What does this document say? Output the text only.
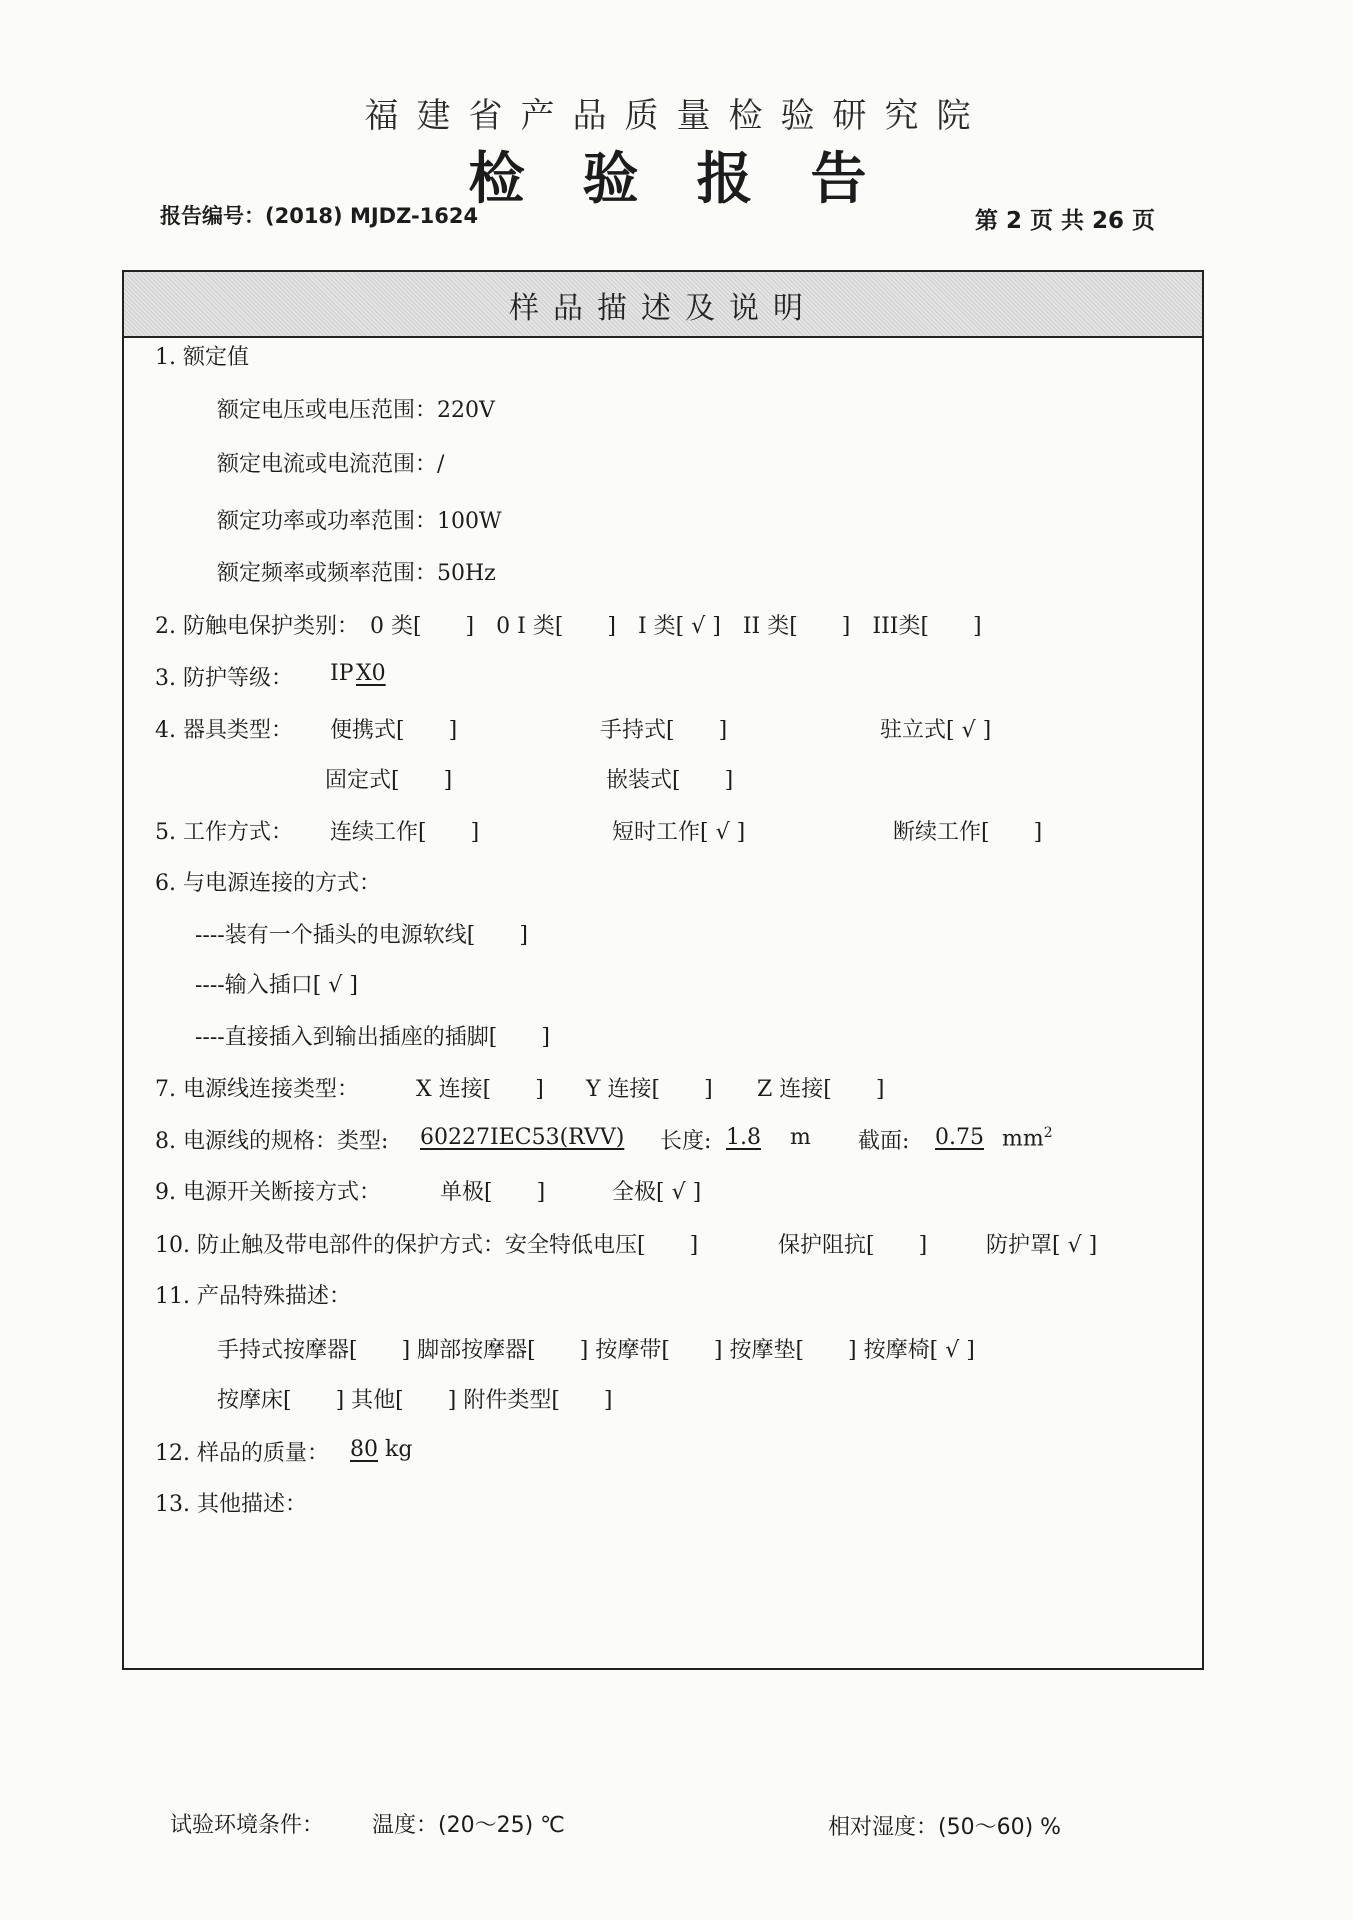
福建省产品质量检验研究院
检验报告
报告编号：(2018) MJDZ-1624	第 2 页 共 26 页
样品描述及说明
1. 额定值
额定电压或电压范围：220V
额定电流或电流范围：/
额定功率或功率范围：100W
额定频率或频率范围：50Hz
2. 防触电保护类别：　0 类[　　]　0 I 类[　　]　I 类[ √ ]　II 类[　　]　III类[　　]
3. 防护等级： IP X0
4. 器具类型： 便携式[　　]	手持式[　　]	驻立式[ √ ]
固定式[　　]	嵌装式[　　]
5. 工作方式： 连续工作[　　]	短时工作[ √ ]	断续工作[　　]
6. 与电源连接的方式：
----装有一个插头的电源软线[　　]
----输入插口[ √ ]
----直接插入到输出插座的插脚[　　]
7. 电源线连接类型：	X 连接[　　] Y 连接[　　] Z 连接[　　]
8. 电源线的规格：类型: 60227IEC53(RVV) 长度: 1.8 m 截面: 0.75 $mm^2$
9. 电源开关断接方式：	单极[　　]	全极[ √ ]
10. 防止触及带电部件的保护方式：安全特低电压[　　]	保护阻抗[　　]	防护罩[ √ ]
11. 产品特殊描述：
手持式按摩器[　　] 脚部按摩器[　　] 按摩带[　　] 按摩垫[　　] 按摩椅[ √ ]
按摩床[　　] 其他[　　] 附件类型[　　]
12. 样品的质量： 80 kg
13. 其他描述：
试验环境条件： 温度：(20～25) ℃	相对湿度：(50～60) %
